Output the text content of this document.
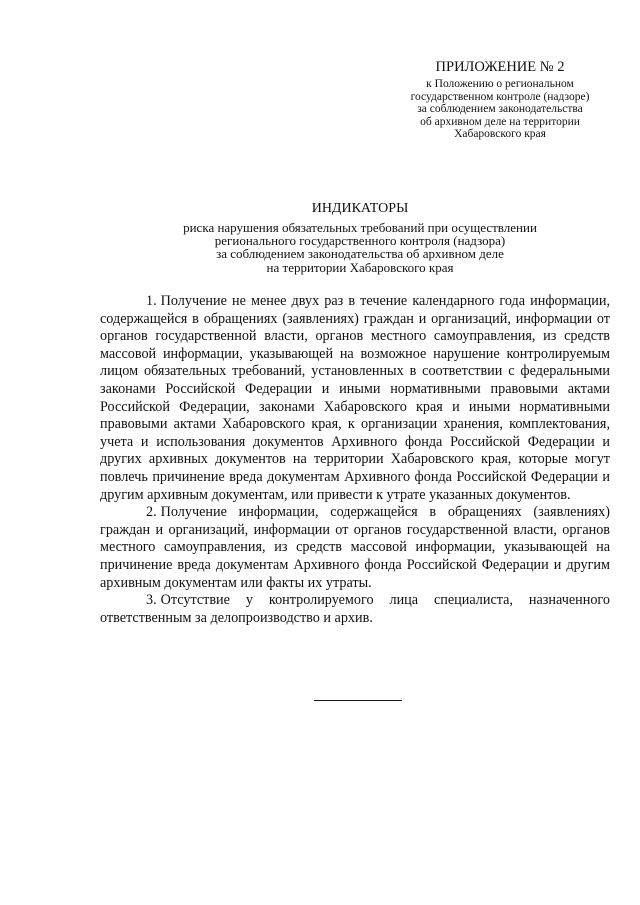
ПРИЛОЖЕНИЕ № 2
к Положению о региональном
государственном контроле (надзоре)
за соблюдением законодательства
об архивном деле на территории
Хабаровского края
ИНДИКАТОРЫ
риска нарушения обязательных требований при осуществлении
регионального государственного контроля (надзора)
за соблюдением законодательства об архивном деле
на территории Хабаровского края

1. Получение не менее двух раз в течение календарного года информации, содержащейся в обращениях (заявлениях) граждан и организаций, информации от органов государственной власти, органов местного самоуправления, из средств массовой информации, указывающей на возможное нарушение контролируемым лицом обязательных требований, установленных в соответствии с федеральными законами Российской Федерации и иными нормативными правовыми актами Российской Федерации, законами Хабаровского края и иными нормативными правовыми актами Хабаровского края, к организации хранения, комплектования, учета и использования документов Архивного фонда Российской Федерации и других архивных документов на территории Хабаровского края, которые могут повлечь причинение вреда документам Архивного фонда Российской Федерации и другим архивным документам, или привести к утрате указанных документов.

2. Получение информации, содержащейся в обращениях (заявлениях) граждан и организаций, информации от органов государственной власти, органов местного самоуправления, из средств массовой информации, указывающей на причинение вреда документам Архивного фонда Российской Федерации и другим архивным документам или факты их утраты.

3. Отсутствие у контролируемого лица специалиста, назначенного ответственным за делопроизводство и архив.
